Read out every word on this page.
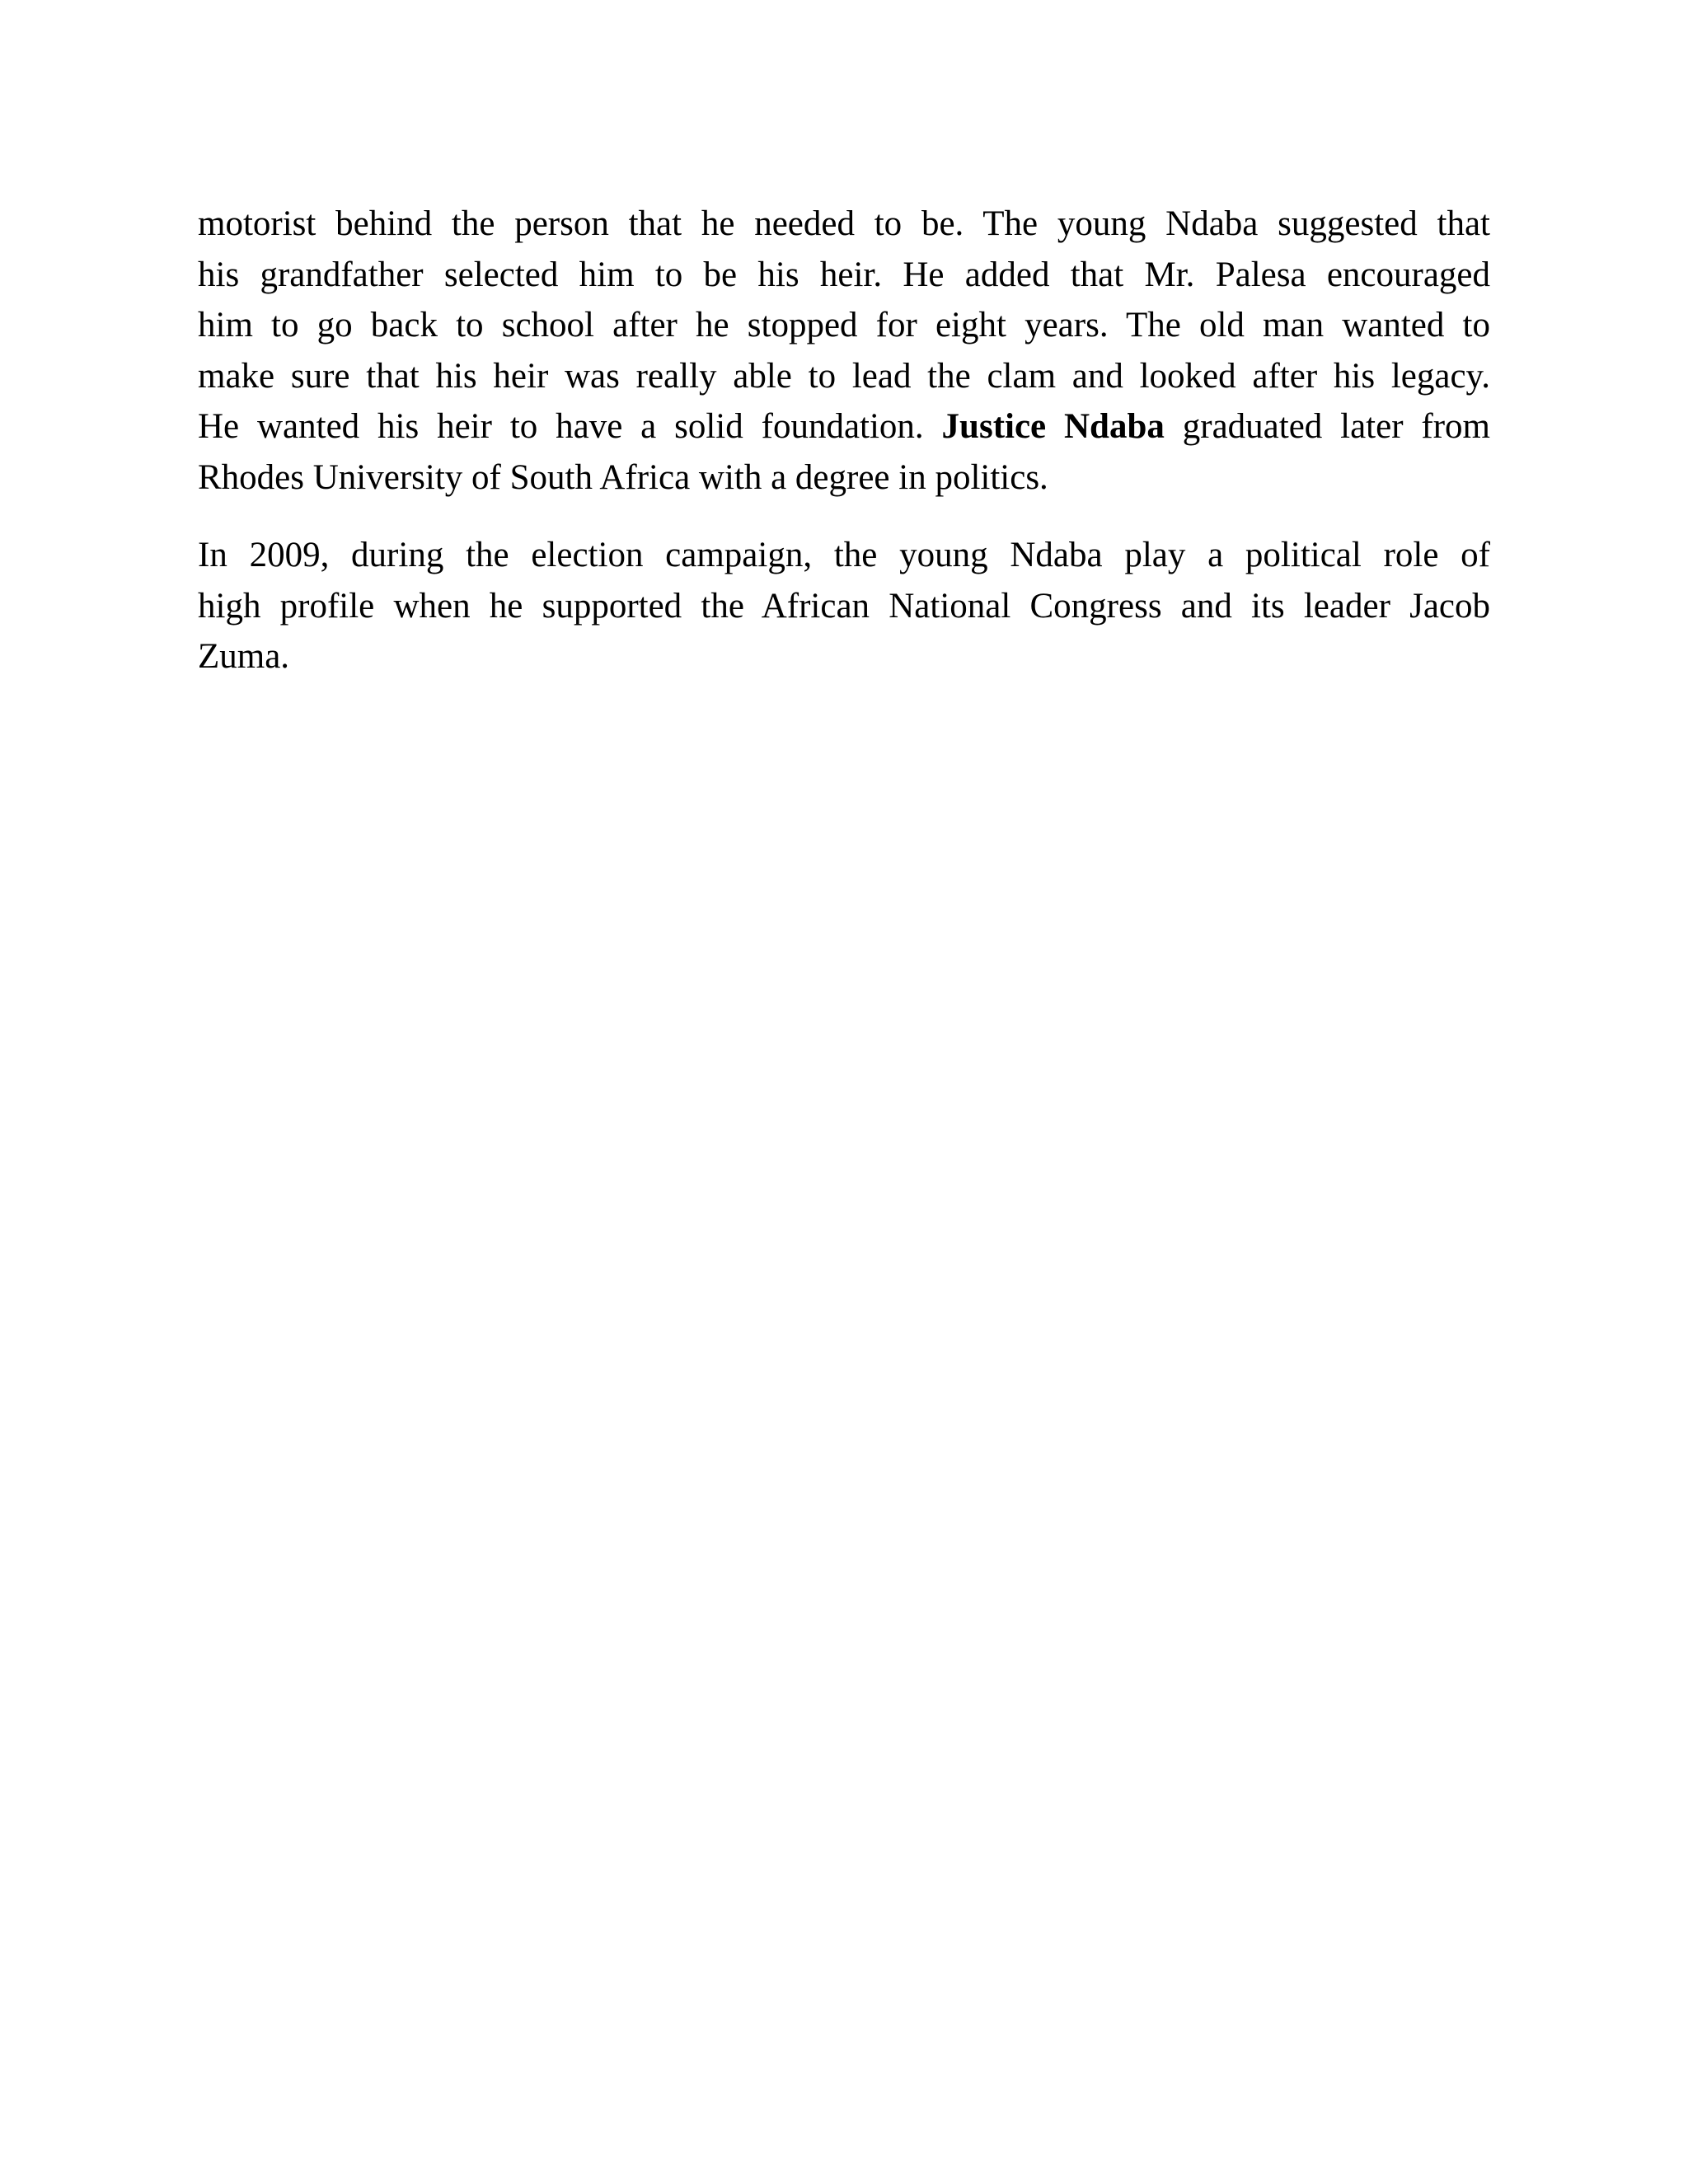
motorist behind the person that he needed to be. The young Ndaba suggested that
his grandfather selected him to be his heir. He added that Mr. Palesa encouraged
him to go back to school after he stopped for eight years. The old man wanted to
make sure that his heir was really able to lead the clam and looked after his legacy.
He wanted his heir to have a solid foundation. Justice Ndaba graduated later from
Rhodes University of South Africa with a degree in politics.

In 2009, during the election campaign, the young Ndaba play a political role of
high profile when he supported the African National Congress and its leader Jacob
Zuma.
